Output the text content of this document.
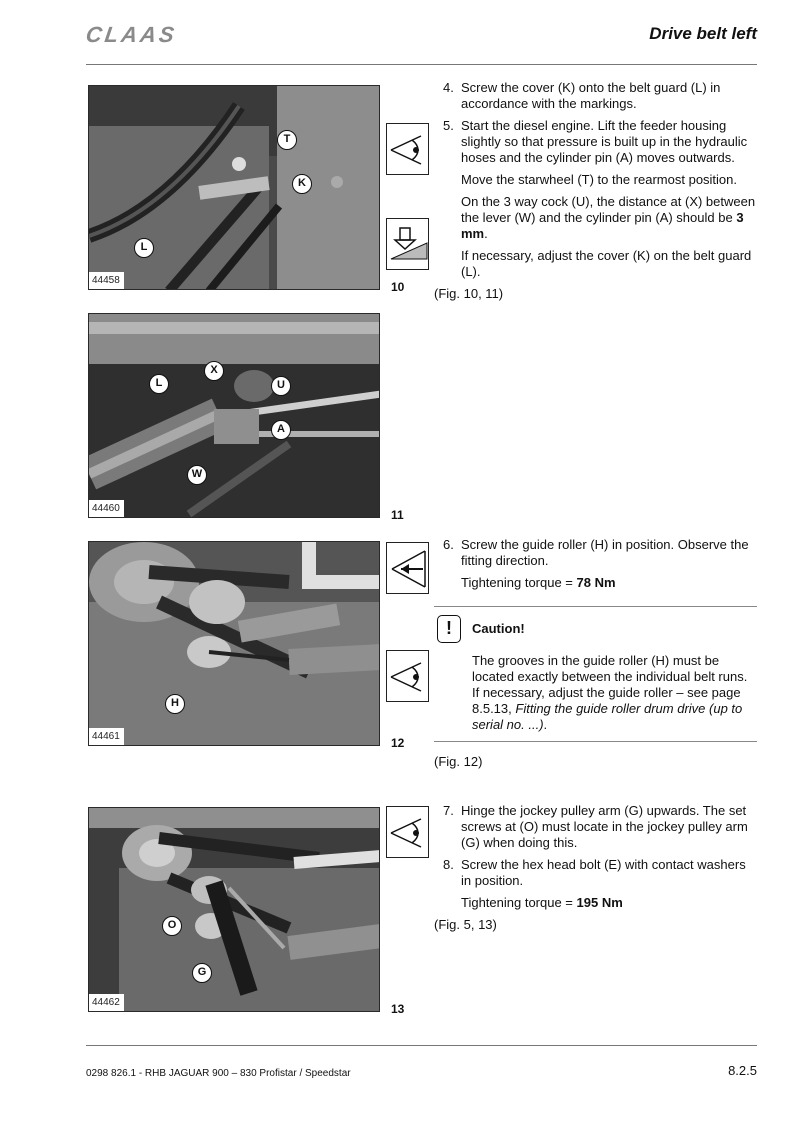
CLAAS	Drive belt left
T
K
L
44458	10
L
X
U
A
W
44460	11
4. Screw the cover (K) onto the belt guard (L) in accordance with the markings.
5. Start the diesel engine. Lift the feeder housing slightly so that pressure is built up in the hydraulic hoses and the cylinder pin (A) moves outwards.
Move the starwheel (T) to the rearmost position.
On the 3 way cock (U), the distance at (X) between the lever (W) and the cylinder pin (A) should be 3 mm.
If necessary, adjust the cover (K) on the belt guard (L).
(Fig. 10, 11)
H
44461	12
6. Screw the guide roller (H) in position. Observe the fitting direction.
Tightening torque = 78 Nm
!	Caution!
The grooves in the guide roller (H) must be located exactly between the individual belt runs. If necessary, adjust the guide roller – see page 8.5.13, Fitting the guide roller drum drive (up to serial no. ...).
(Fig. 12)
O
G
44462	13
7. Hinge the jockey pulley arm (G) upwards. The set screws at (O) must locate in the jockey pulley arm (G) when doing this.
8. Screw the hex head bolt (E) with contact washers in position.
Tightening torque = 195 Nm
(Fig. 5, 13)
0298 826.1 - RHB JAGUAR 900 – 830 Profistar / Speedstar	8.2.5
